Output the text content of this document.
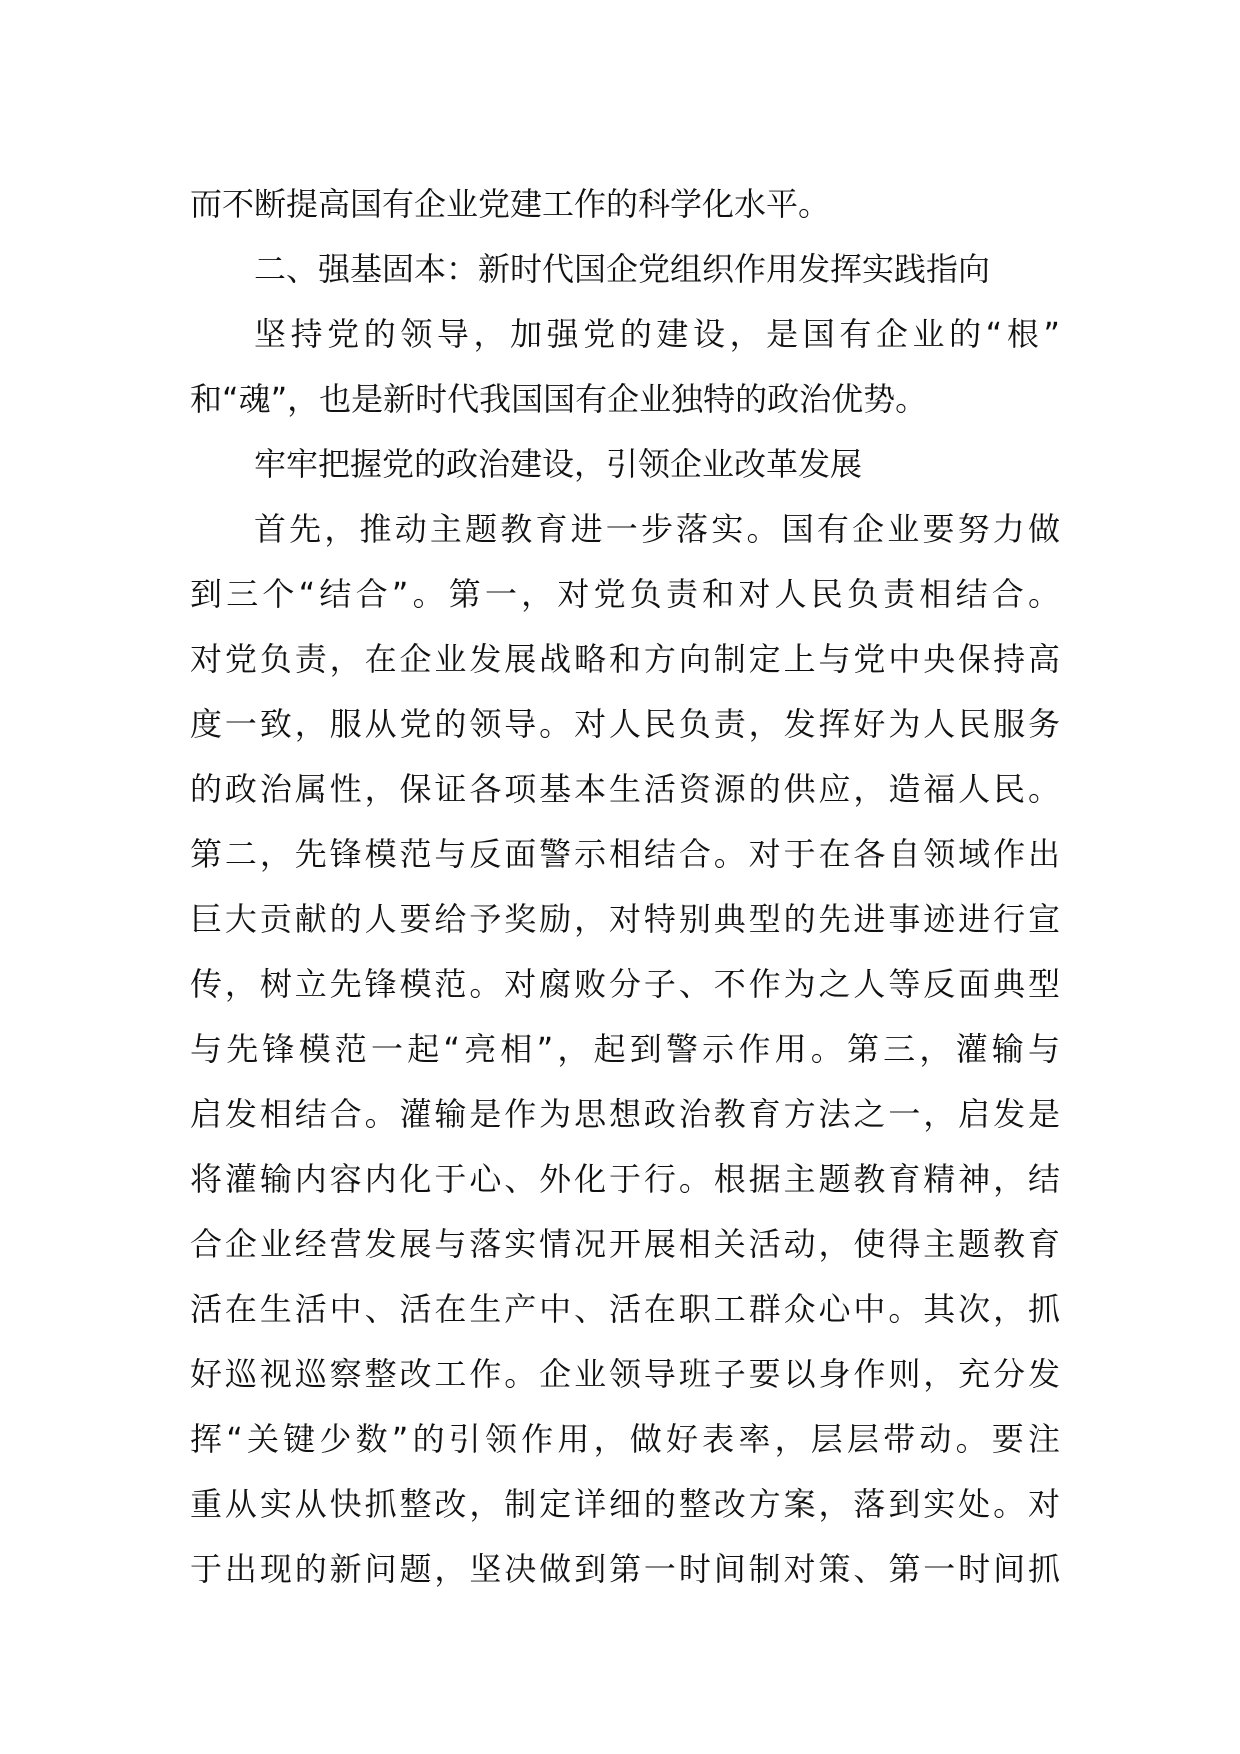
而不断提高国有企业党建工作的科学化水平。
二、强基固本：新时代国企党组织作用发挥实践指向
坚持党的领导，加强党的建设，是国有企业的“根”
和“魂”，也是新时代我国国有企业独特的政治优势。
牢牢把握党的政治建设，引领企业改革发展
首先，推动主题教育进一步落实。国有企业要努力做
到三个“结合”。第一，对党负责和对人民负责相结合。
对党负责，在企业发展战略和方向制定上与党中央保持高
度一致，服从党的领导。对人民负责，发挥好为人民服务
的政治属性，保证各项基本生活资源的供应，造福人民。
第二，先锋模范与反面警示相结合。对于在各自领域作出
巨大贡献的人要给予奖励，对特别典型的先进事迹进行宣
传，树立先锋模范。对腐败分子、不作为之人等反面典型
与先锋模范一起“亮相”，起到警示作用。第三，灌输与
启发相结合。灌输是作为思想政治教育方法之一，启发是
将灌输内容内化于心、外化于行。根据主题教育精神，结
合企业经营发展与落实情况开展相关活动，使得主题教育
活在生活中、活在生产中、活在职工群众心中。其次，抓
好巡视巡察整改工作。企业领导班子要以身作则，充分发
挥“关键少数”的引领作用，做好表率，层层带动。要注
重从实从快抓整改，制定详细的整改方案，落到实处。对
于出现的新问题，坚决做到第一时间制对策、第一时间抓
